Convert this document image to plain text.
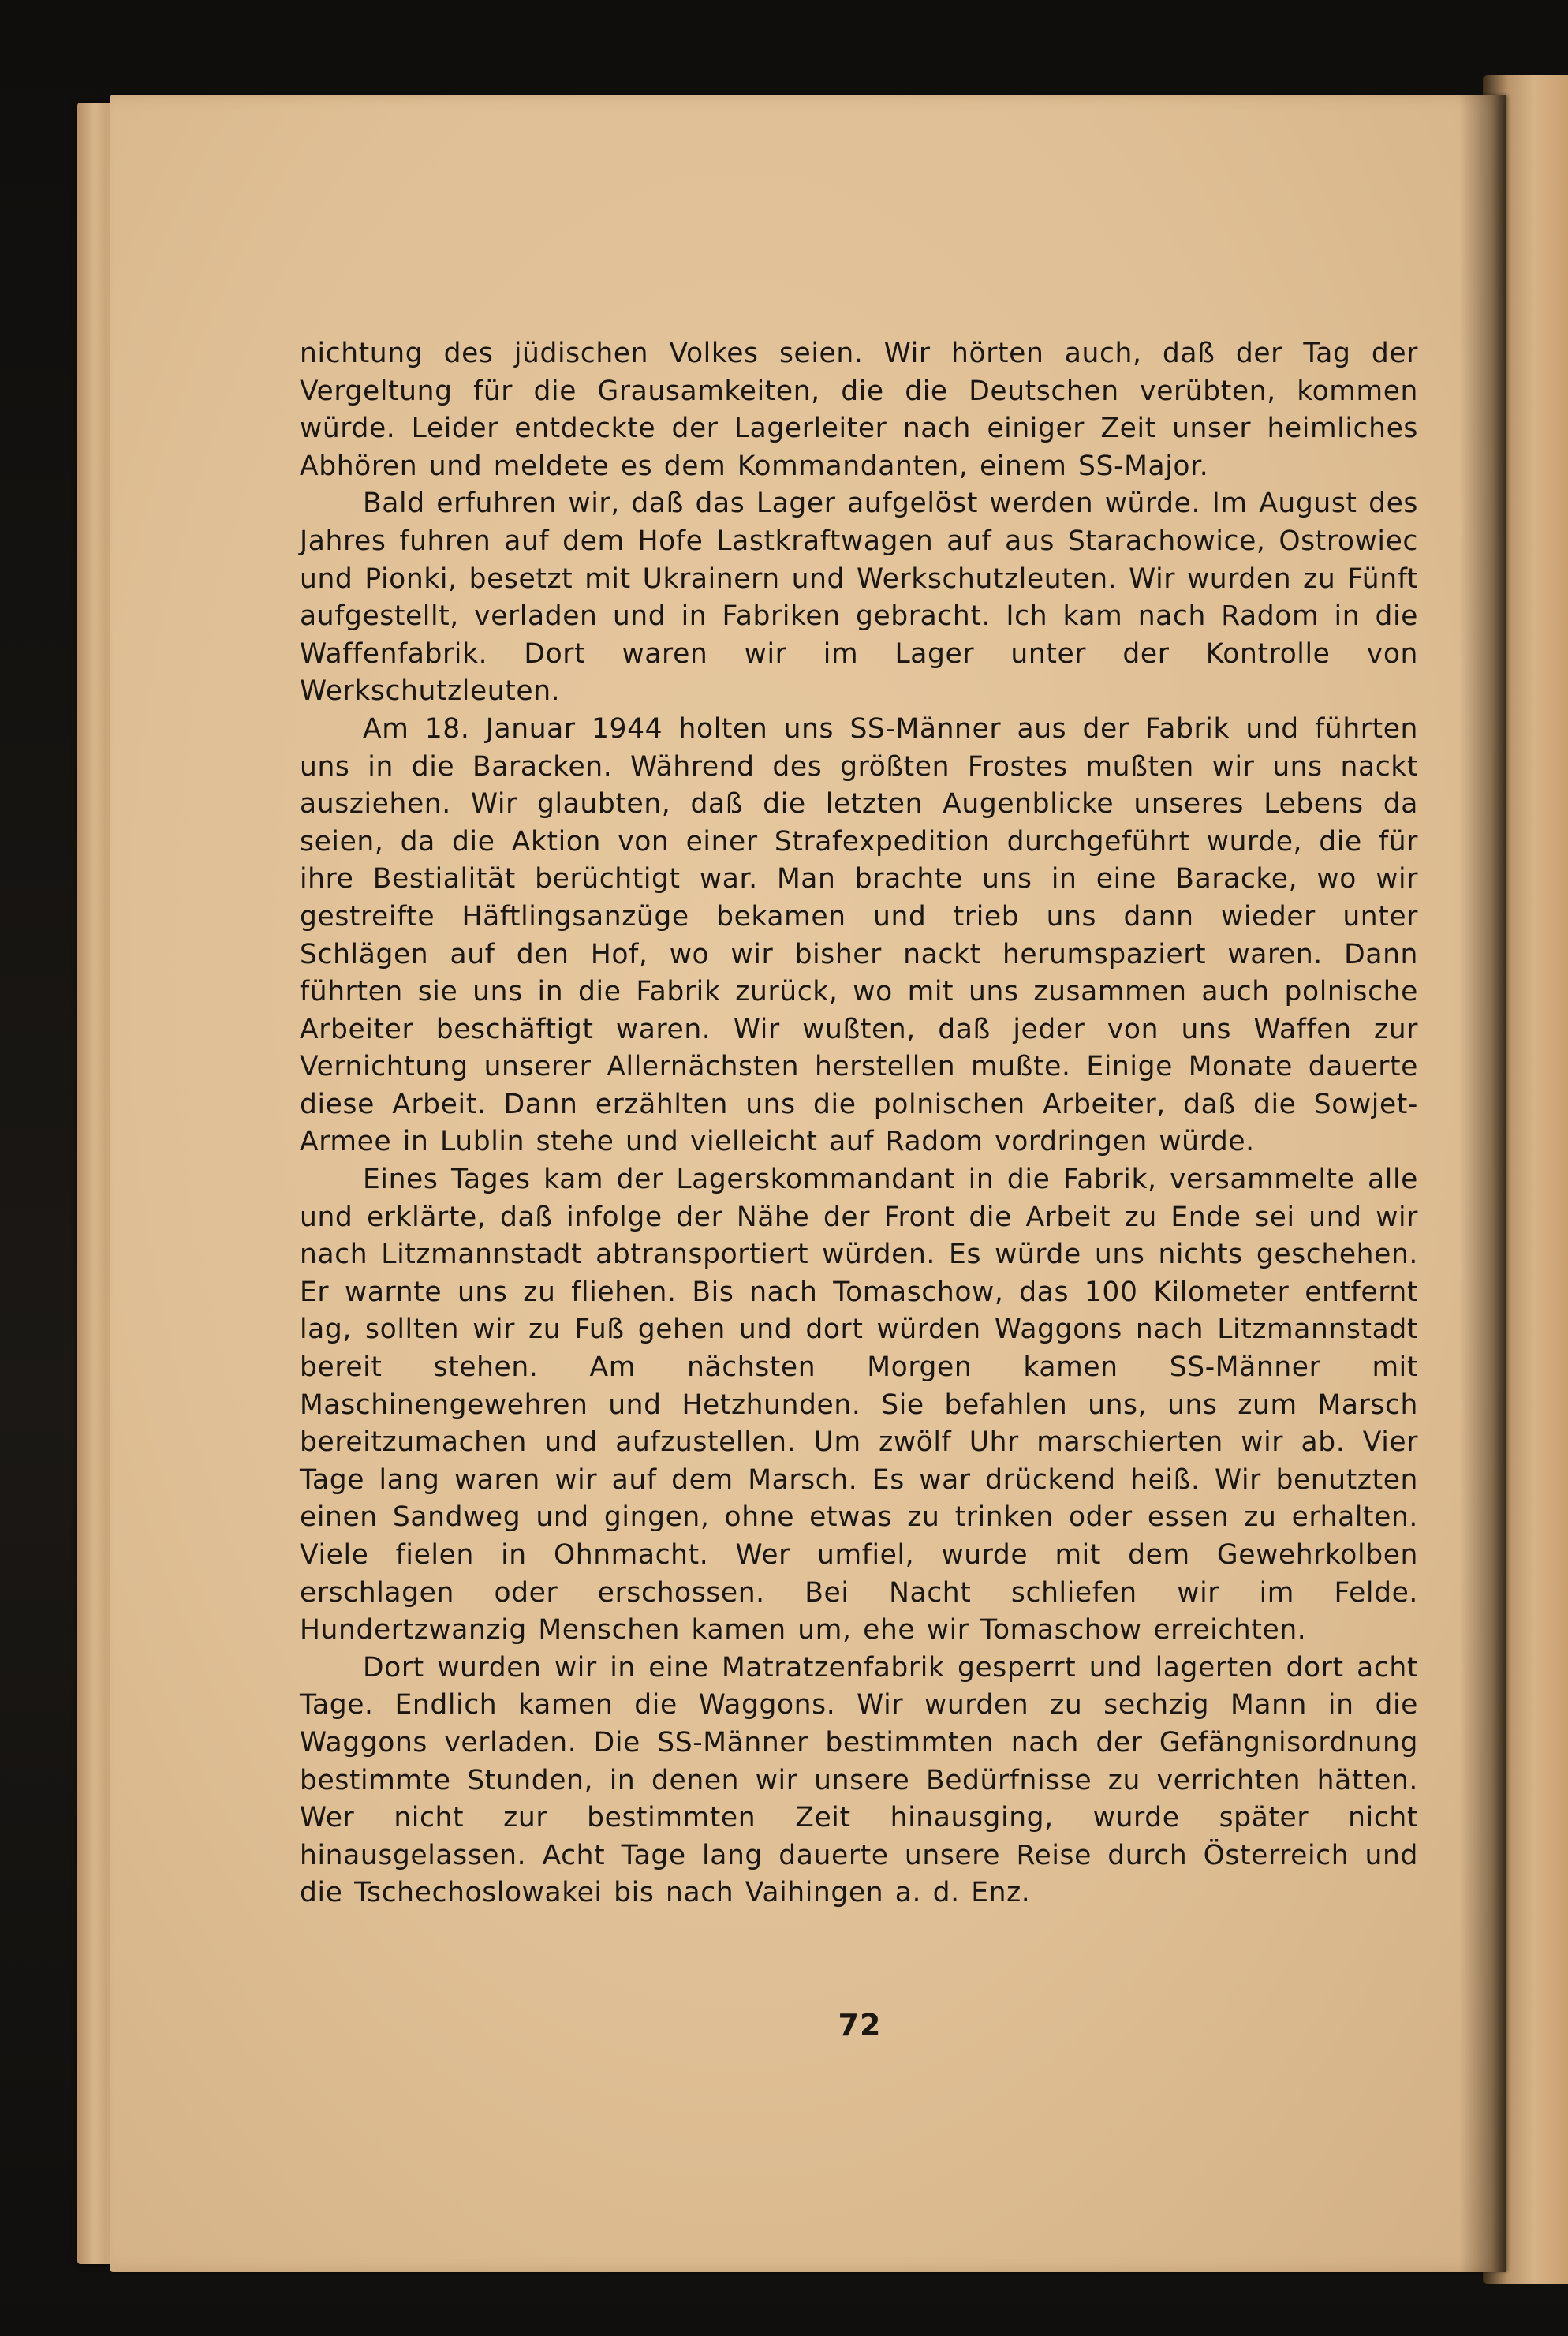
nichtung des jüdischen Volkes seien. Wir hörten auch, daß der Tag der Vergeltung für die Grausamkeiten, die die Deutschen verübten, kommen würde. Leider entdeckte der Lagerleiter nach einiger Zeit unser heimliches Abhören und meldete es dem Kommandanten, einem SS-Major.

Bald erfuhren wir, daß das Lager aufgelöst werden würde. Im August des Jahres fuhren auf dem Hofe Lastkraftwagen auf aus Starachowice, Ostrowiec und Pionki, besetzt mit Ukrainern und Werkschutzleuten. Wir wurden zu Fünft aufgestellt, verladen und in Fabriken gebracht. Ich kam nach Radom in die Waffenfabrik. Dort waren wir im Lager unter der Kontrolle von Werkschutzleuten.

Am 18. Januar 1944 holten uns SS-Männer aus der Fabrik und führten uns in die Baracken. Während des größten Frostes mußten wir uns nackt ausziehen. Wir glaubten, daß die letzten Augenblicke unseres Lebens da seien, da die Aktion von einer Strafexpedition durchgeführt wurde, die für ihre Bestialität berüchtigt war. Man brachte uns in eine Baracke, wo wir gestreifte Häftlingsanzüge bekamen und trieb uns dann wieder unter Schlägen auf den Hof, wo wir bisher nackt herumspaziert waren. Dann führten sie uns in die Fabrik zurück, wo mit uns zusammen auch polnische Arbeiter beschäftigt waren. Wir wußten, daß jeder von uns Waffen zur Vernichtung unserer Allernächsten herstellen mußte. Einige Monate dauerte diese Arbeit. Dann erzählten uns die polnischen Arbeiter, daß die Sowjet-Armee in Lublin stehe und vielleicht auf Radom vordringen würde.

Eines Tages kam der Lagerskommandant in die Fabrik, versammelte alle und erklärte, daß infolge der Nähe der Front die Arbeit zu Ende sei und wir nach Litzmannstadt abtransportiert würden. Es würde uns nichts geschehen. Er warnte uns zu fliehen. Bis nach Tomaschow, das 100 Kilometer entfernt lag, sollten wir zu Fuß gehen und dort würden Waggons nach Litzmannstadt bereit stehen. Am nächsten Morgen kamen SS-Männer mit Maschinengewehren und Hetzhunden. Sie befahlen uns, uns zum Marsch bereitzumachen und aufzustellen. Um zwölf Uhr marschierten wir ab. Vier Tage lang waren wir auf dem Marsch. Es war drückend heiß. Wir benutzten einen Sandweg und gingen, ohne etwas zu trinken oder essen zu erhalten. Viele fielen in Ohnmacht. Wer umfiel, wurde mit dem Gewehrkolben erschlagen oder erschossen. Bei Nacht schliefen wir im Felde. Hundertzwanzig Menschen kamen um, ehe wir Tomaschow erreichten.

Dort wurden wir in eine Matratzenfabrik gesperrt und lagerten dort acht Tage. Endlich kamen die Waggons. Wir wurden zu sechzig Mann in die Waggons verladen. Die SS-Männer bestimmten nach der Gefängnisordnung bestimmte Stunden, in denen wir unsere Bedürfnisse zu verrichten hätten. Wer nicht zur bestimmten Zeit hinausging, wurde später nicht hinausgelassen. Acht Tage lang dauerte unsere Reise durch Österreich und die Tschechoslowakei bis nach Vaihingen a. d. Enz.

72
